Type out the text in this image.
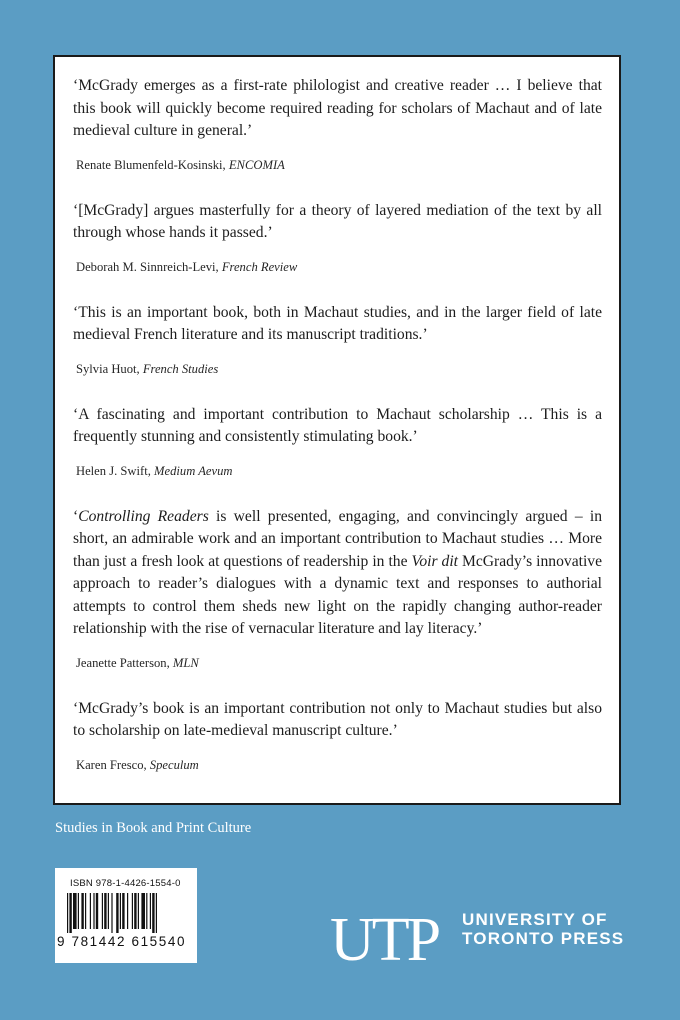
‘McGrady emerges as a first-rate philologist and creative reader … I believe that this book will quickly become required reading for scholars of Machaut and of late medieval culture in general.’

Renate Blumenfeld-Kosinski, ENCOMIA

‘[McGrady] argues masterfully for a theory of layered mediation of the text by all through whose hands it passed.’

Deborah M. Sinnreich-Levi, French Review

‘This is an important book, both in Machaut studies, and in the larger field of late medieval French literature and its manuscript traditions.’

Sylvia Huot, French Studies

‘A fascinating and important contribution to Machaut scholarship … This is a frequently stunning and consistently stimulating book.’

Helen J. Swift, Medium Aevum

‘Controlling Readers is well presented, engaging, and convincingly argued – in short, an admirable work and an important contribution to Machaut studies … More than just a fresh look at questions of readership in the Voir dit McGrady’s innovative approach to reader’s dialogues with a dynamic text and responses to authorial attempts to control them sheds new light on the rapidly changing author-reader relationship with the rise of vernacular literature and lay literacy.’

Jeanette Patterson, MLN

‘McGrady’s book is an important contribution not only to Machaut studies but also to scholarship on late-medieval manuscript culture.’

Karen Fresco, Speculum

Studies in Book and Print Culture
ISBN 978-1-4426-1554-0
9 781442 615540 UTP UNIVERSITY OF
TORONTO PRESS
